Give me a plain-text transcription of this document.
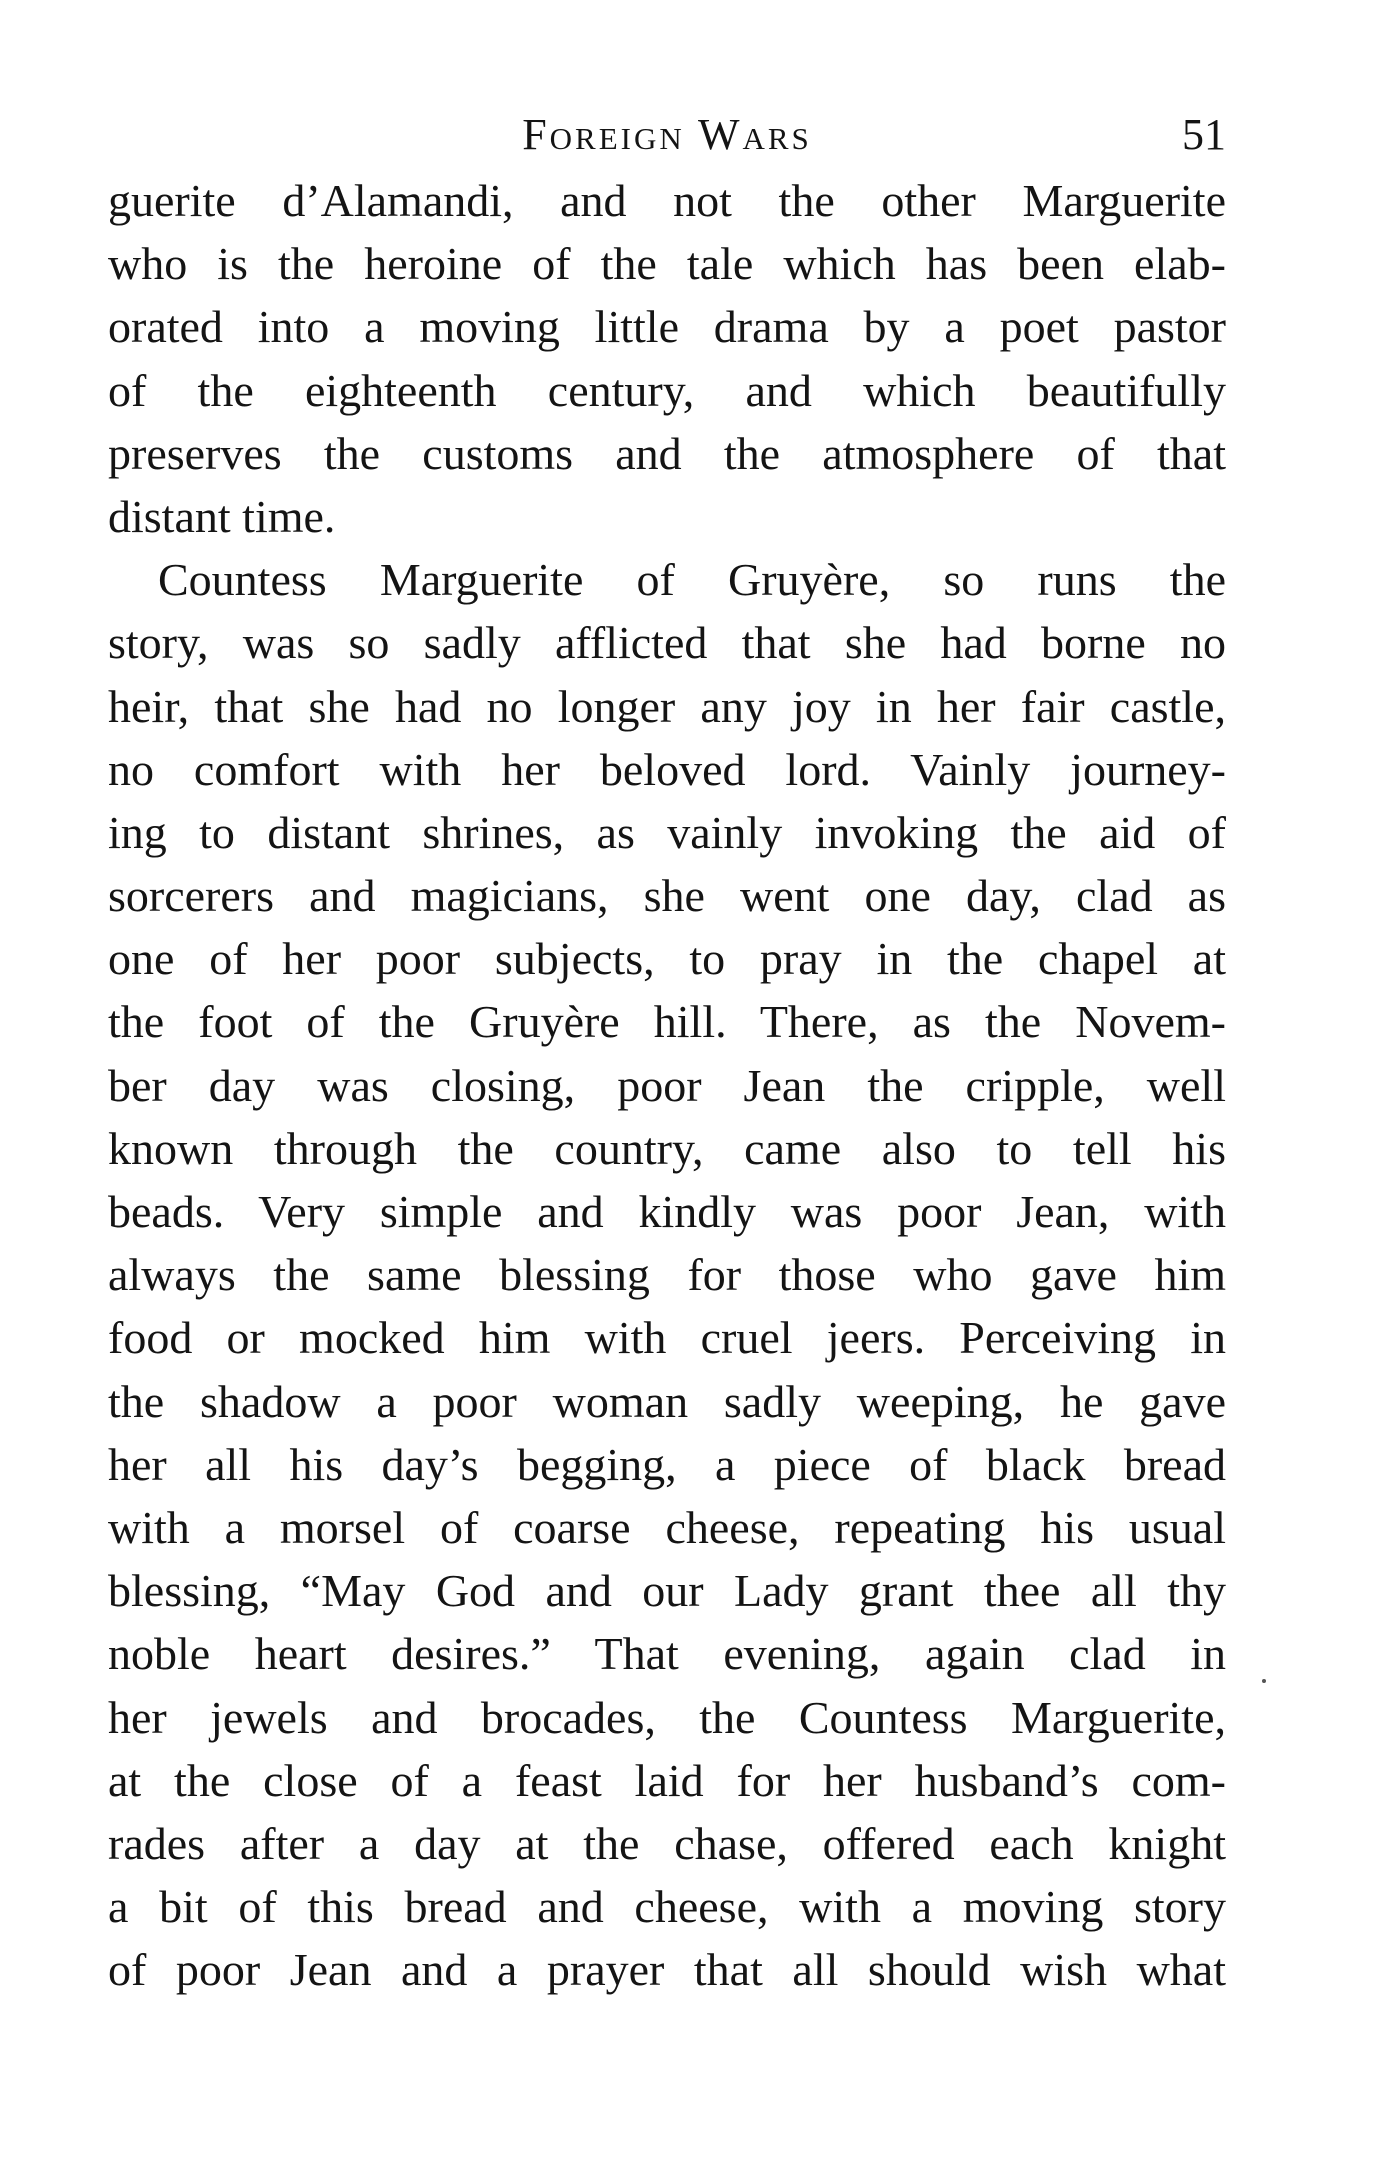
Foreign Wars	51
guerite d’Alamandi, and not the other Marguerite
who is the heroine of the tale which has been elab-
orated into a moving little drama by a poet pastor
of the eighteenth century, and which beautifully
preserves the customs and the atmosphere of that
distant time.
Countess Marguerite of Gruyère, so runs the
story, was so sadly afflicted that she had borne no
heir, that she had no longer any joy in her fair castle,
no comfort with her beloved lord. Vainly journey-
ing to distant shrines, as vainly invoking the aid of
sorcerers and magicians, she went one day, clad as
one of her poor subjects, to pray in the chapel at
the foot of the Gruyère hill. There, as the Novem-
ber day was closing, poor Jean the cripple, well
known through the country, came also to tell his
beads. Very simple and kindly was poor Jean, with
always the same blessing for those who gave him
food or mocked him with cruel jeers. Perceiving in
the shadow a poor woman sadly weeping, he gave
her all his day’s begging, a piece of black bread
with a morsel of coarse cheese, repeating his usual
blessing, “May God and our Lady grant thee all thy
noble heart desires.” That evening, again clad in
her jewels and brocades, the Countess Marguerite,
at the close of a feast laid for her husband’s com-
rades after a day at the chase, offered each knight
a bit of this bread and cheese, with a moving story
of poor Jean and a prayer that all should wish what
